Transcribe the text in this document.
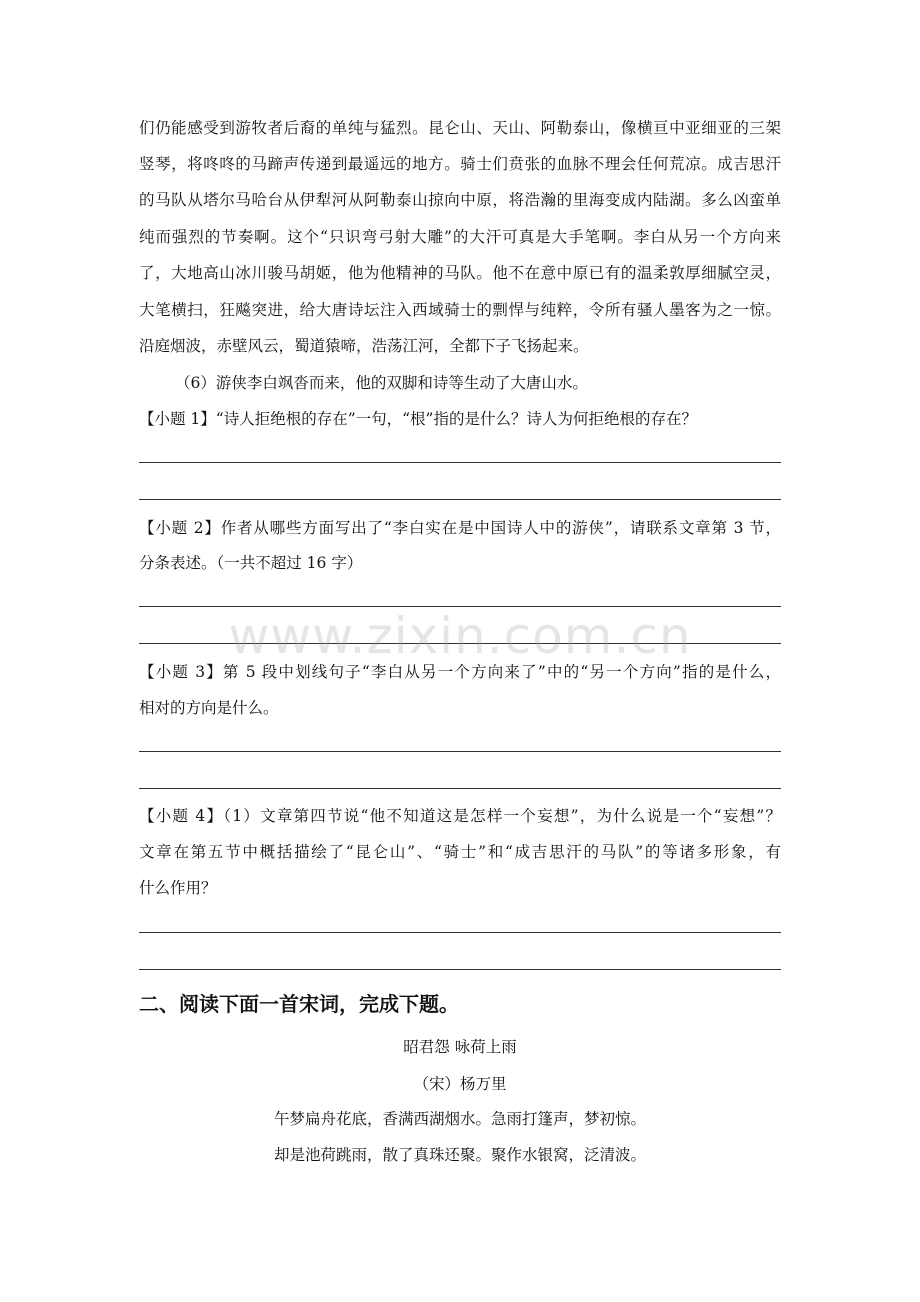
们仍能感受到游牧者后裔的单纯与猛烈。昆仑山、天山、阿勒泰山，像横亘中亚细亚的三架
竖琴，将咚咚的马蹄声传递到最遥远的地方。骑士们贲张的血脉不理会任何荒凉。成吉思汗
的马队从塔尔马哈台从伊犁河从阿勒泰山掠向中原，将浩瀚的里海变成内陆湖。多么凶蛮单
纯而强烈的节奏啊。这个“只识弯弓射大雕”的大汗可真是大手笔啊。李白从另一个方向来
了，大地高山冰川骏马胡姬，他为他精神的马队。他不在意中原已有的温柔敦厚细腻空灵，
大笔横扫，狂飚突进，给大唐诗坛注入西域骑士的剽悍与纯粹，令所有骚人墨客为之一惊。
沿庭烟波，赤壁风云，蜀道猿啼，浩荡江河，全都下子飞扬起来。
（6）游侠李白飒沓而来，他的双脚和诗等生动了大唐山水。
【小题 1】“诗人拒绝根的存在”一句，“根”指的是什么？诗人为何拒绝根的存在？
【小题 2】作者从哪些方面写出了“李白实在是中国诗人中的游侠”，请联系文章第 3 节，
分条表述。（一共不超过 16 字）
【小题 3】第 5 段中划线句子“李白从另一个方向来了”中的“另一个方向”指的是什么，
相对的方向是什么。
【小题 4】（1）文章第四节说“他不知道这是怎样一个妄想”，为什么说是一个“妄想”？
文章在第五节中概括描绘了“昆仑山”、“骑士”和“成吉思汗的马队”的等诸多形象，有
什么作用？
二、阅读下面一首宋词，完成下题。
昭君怨 咏荷上雨
（宋）杨万里
午梦扁舟花底，香满西湖烟水。急雨打篷声，梦初惊。
却是池荷跳雨，散了真珠还聚。聚作水银窝，泛清波。
www.zixin.com.cn
